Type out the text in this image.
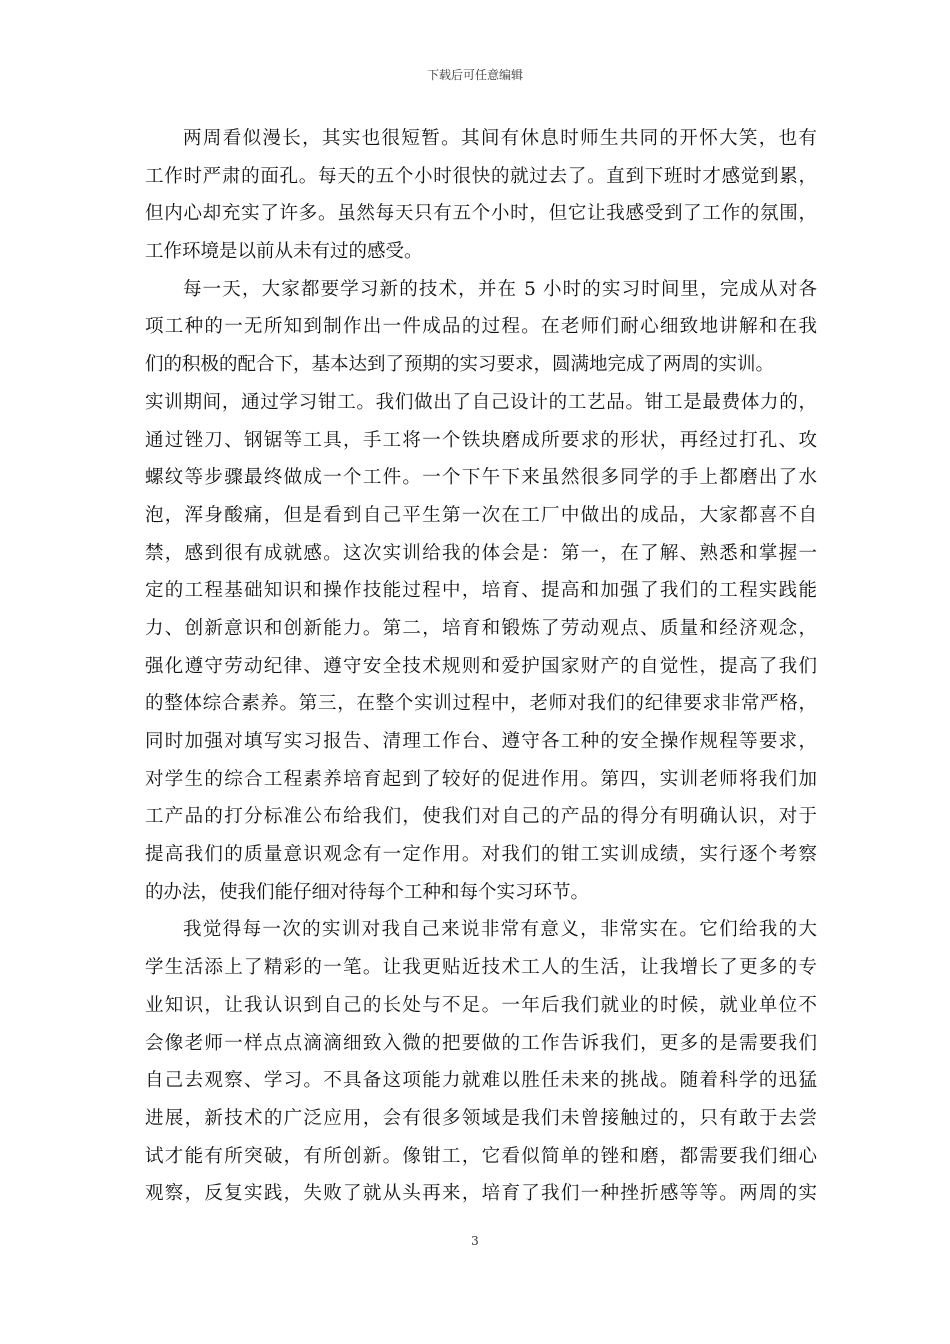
下载后可任意编辑
两周看似漫长，其实也很短暂。其间有休息时师生共同的开怀大笑，也有
工作时严肃的面孔。每天的五个小时很快的就过去了。直到下班时才感觉到累，
但内心却充实了许多。虽然每天只有五个小时，但它让我感受到了工作的氛围，
工作环境是以前从未有过的感受。
每一天，大家都要学习新的技术，并在 5 小时的实习时间里，完成从对各
项工种的一无所知到制作出一件成品的过程。在老师们耐心细致地讲解和在我
们的积极的配合下，基本达到了预期的实习要求，圆满地完成了两周的实训。
实训期间，通过学习钳工。我们做出了自己设计的工艺品。钳工是最费体力的，
通过锉刀、钢锯等工具，手工将一个铁块磨成所要求的形状，再经过打孔、攻
螺纹等步骤最终做成一个工件。一个下午下来虽然很多同学的手上都磨出了水
泡，浑身酸痛，但是看到自己平生第一次在工厂中做出的成品，大家都喜不自
禁，感到很有成就感。这次实训给我的体会是：第一，在了解、熟悉和掌握一
定的工程基础知识和操作技能过程中，培育、提高和加强了我们的工程实践能
力、创新意识和创新能力。第二，培育和锻炼了劳动观点、质量和经济观念，
强化遵守劳动纪律、遵守安全技术规则和爱护国家财产的自觉性，提高了我们
的整体综合素养。第三，在整个实训过程中，老师对我们的纪律要求非常严格，
同时加强对填写实习报告、清理工作台、遵守各工种的安全操作规程等要求，
对学生的综合工程素养培育起到了较好的促进作用。第四，实训老师将我们加
工产品的打分标准公布给我们，使我们对自己的产品的得分有明确认识，对于
提高我们的质量意识观念有一定作用。对我们的钳工实训成绩，实行逐个考察
的办法，使我们能仔细对待每个工种和每个实习环节。
我觉得每一次的实训对我自己来说非常有意义，非常实在。它们给我的大
学生活添上了精彩的一笔。让我更贴近技术工人的生活，让我增长了更多的专
业知识，让我认识到自己的长处与不足。一年后我们就业的时候，就业单位不
会像老师一样点点滴滴细致入微的把要做的工作告诉我们，更多的是需要我们
自己去观察、学习。不具备这项能力就难以胜任未来的挑战。随着科学的迅猛
进展，新技术的广泛应用，会有很多领域是我们未曾接触过的，只有敢于去尝
试才能有所突破，有所创新。像钳工，它看似简单的锉和磨，都需要我们细心
观察，反复实践，失败了就从头再来，培育了我们一种挫折感等等。两周的实
3
